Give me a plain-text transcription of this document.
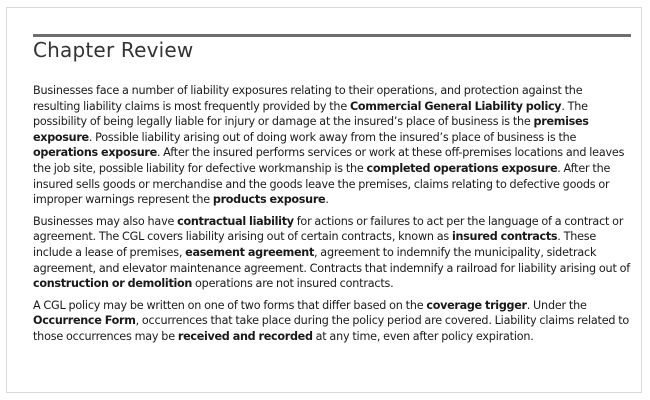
Chapter Review

Businesses face a number of liability exposures relating to their operations, and protection against the resulting liability claims is most frequently provided by the Commercial General Liability policy. The possibility of being legally liable for injury or damage at the insured’s place of business is the premises exposure. Possible liability arising out of doing work away from the insured’s place of business is the operations exposure. After the insured performs services or work at these off-premises locations and leaves the job site, possible liability for defective workmanship is the completed operations exposure. After the insured sells goods or merchandise and the goods leave the premises, claims relating to defective goods or improper warnings represent the products exposure.

Businesses may also have contractual liability for actions or failures to act per the language of a contract or agreement. The CGL covers liability arising out of certain contracts, known as insured contracts. These include a lease of premises, easement agreement, agreement to indemnify the municipality, sidetrack agreement, and elevator maintenance agreement. Contracts that indemnify a railroad for liability arising out of construction or demolition operations are not insured contracts.

A CGL policy may be written on one of two forms that differ based on the coverage trigger. Under the Occurrence Form, occurrences that take place during the policy period are covered. Liability claims related to those occurrences may be received and recorded at any time, even after policy expiration.
